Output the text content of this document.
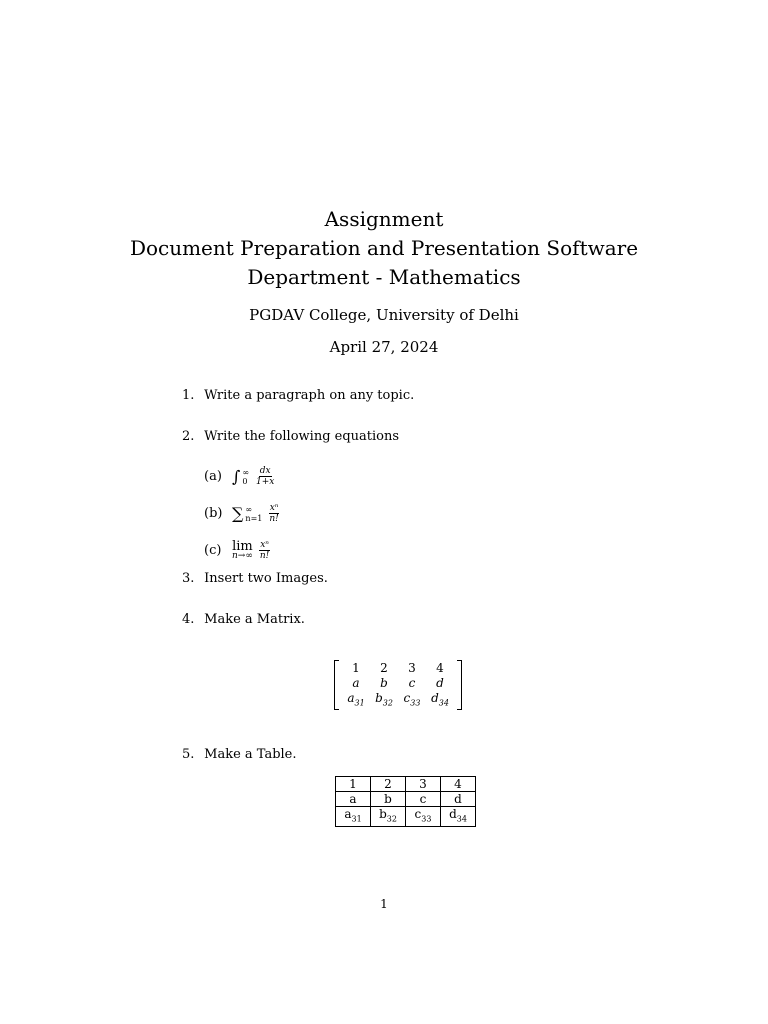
Assignment
Document Preparation and Presentation Software
Department - Mathematics
PGDAV College, University of Delhi
April 27, 2024
1. Write a paragraph on any topic.
2. Write the following equations
(a) ∫ ∞
$0 \frac{dx}{1+x}$
(b) ∑ ∞
$n=1 \frac{\text{xⁿ}}{n!}$
(c) lim
$n\to\infty \frac{\text{xⁿ}}{n!}$
3. Insert two Images.
4. Make a Matrix.
1	2	3	4
a	b	c	d
$a_{31}$ $b_{32}$ $c_{33}$ $d_{34}$
5. Make a Table.
1	2	3	4
a	b	c	d
$a_{31}$	$b_{32}$	$c_{33}$	$d_{34}$
1
